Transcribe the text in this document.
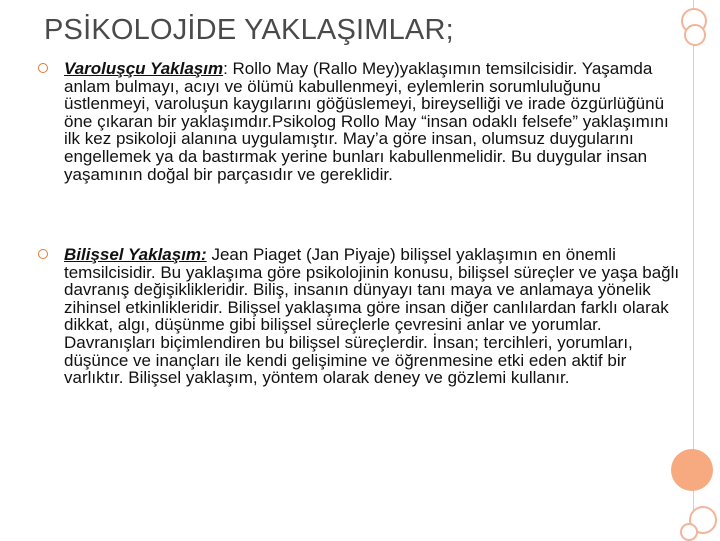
PSİKOLOJİDE YAKLAŞIMLAR;
Varoluşçu Yaklaşım: Rollo May (Rallo Mey)yaklaşımın temsilcisidir. Yaşamda anlam bulmayı, acıyı ve ölümü kabullenmeyi, eylemlerin sorumluluğunu üstlenmeyi, varoluşun kaygılarını göğüslemeyi, bireyselliği ve irade özgürlüğünü öne çıkaran bir yaklaşımdır.Psikolog Rollo May “insan odaklı felsefe” yaklaşımını ilk kez psikoloji alanına uygulamıştır. May’a göre insan, olumsuz duygularını engellemek ya da bastırmak yerine bunları kabullenmelidir. Bu duygular insan yaşamının doğal bir parçasıdır ve gereklidir.
Bilişsel Yaklaşım: Jean Piaget (Jan Piyaje) bilişsel yaklaşımın en önemli temsilcisidir. Bu yaklaşıma göre psikolojinin konusu, bilişsel süreçler ve yaşa bağlı davranış değişiklikleridir. Biliş, insanın dünyayı tanı maya ve anlamaya yönelik zihinsel etkinlikleridir. Bilişsel yaklaşıma göre insan diğer canlılardan farklı olarak dikkat, algı, düşünme gibi bilişsel süreçlerle çevresini anlar ve yorumlar. Davranışları biçimlendiren bu bilişsel süreçlerdir. İnsan; tercihleri, yorumları, düşünce ve inançları ile kendi gelişimine ve öğrenmesine etki eden aktif bir varlıktır. Bilişsel yaklaşım, yöntem olarak deney ve gözlemi kullanır.
